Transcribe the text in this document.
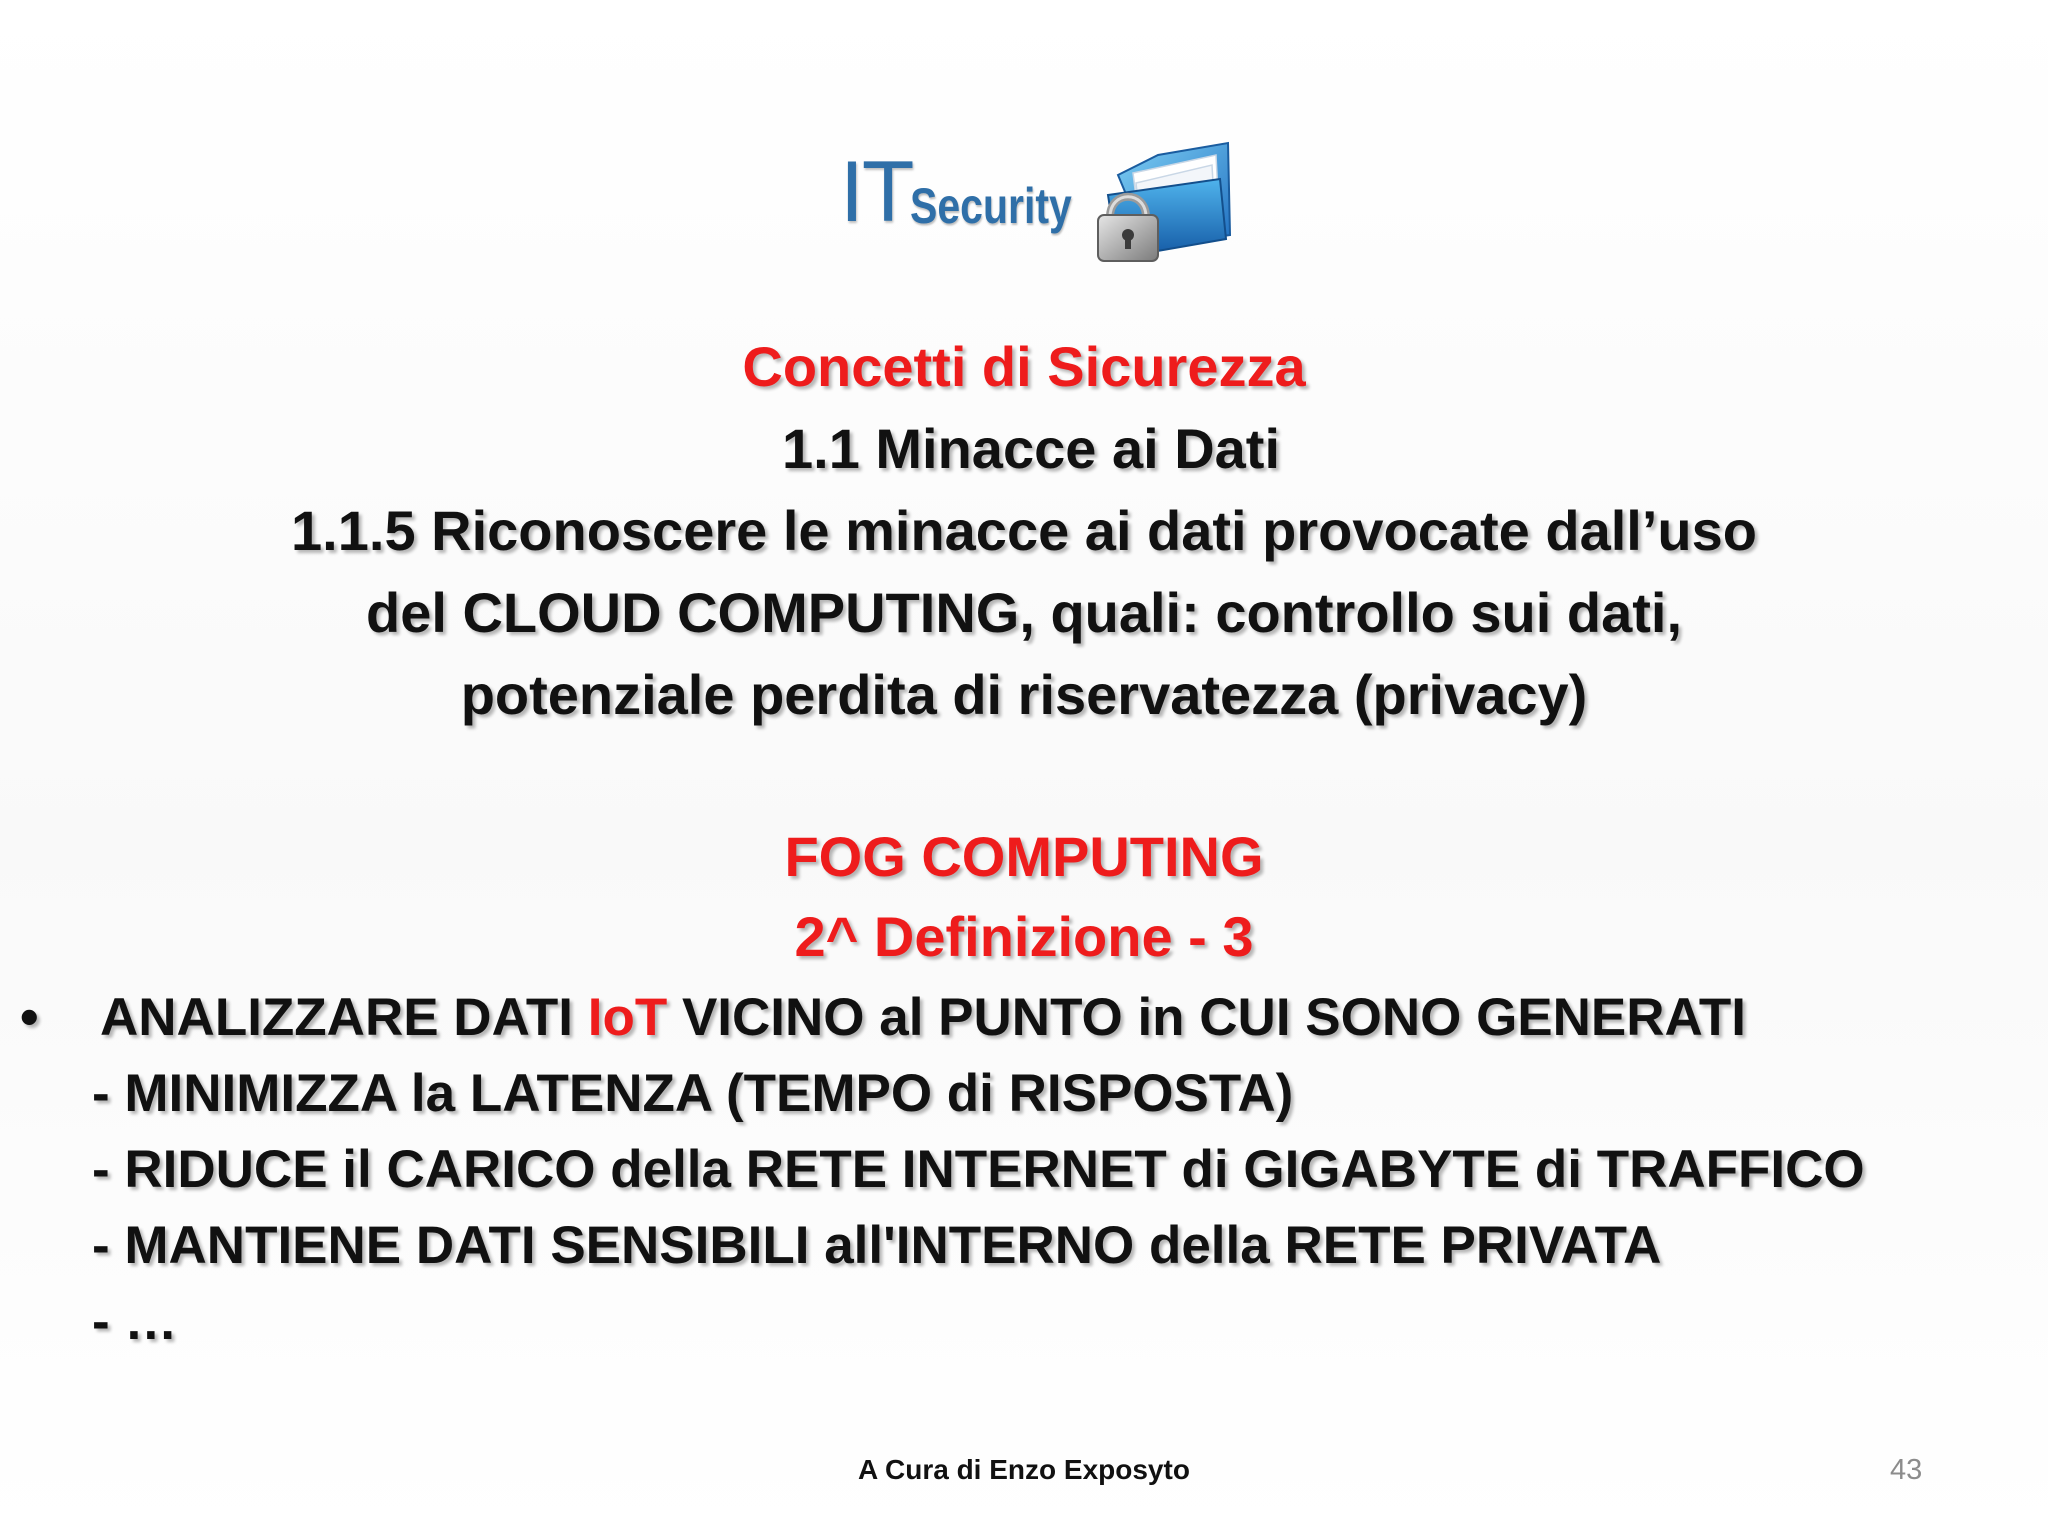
IT
Security
Concetti di Sicurezza
1.1 Minacce ai Dati
1.1.5 Riconoscere le minacce ai dati provocate dall’uso
del CLOUD COMPUTING, quali: controllo sui dati,
potenziale perdita di riservatezza (privacy)
FOG COMPUTING
2^ Definizione - 3
• ANALIZZARE DATI IoT VICINO al PUNTO in CUI SONO GENERATI
- MINIMIZZA la LATENZA (TEMPO di RISPOSTA)
- RIDUCE il CARICO della RETE INTERNET di GIGABYTE di TRAFFICO
- MANTIENE DATI SENSIBILI all'INTERNO della RETE PRIVATA
- …
A Cura di Enzo Exposyto	43
